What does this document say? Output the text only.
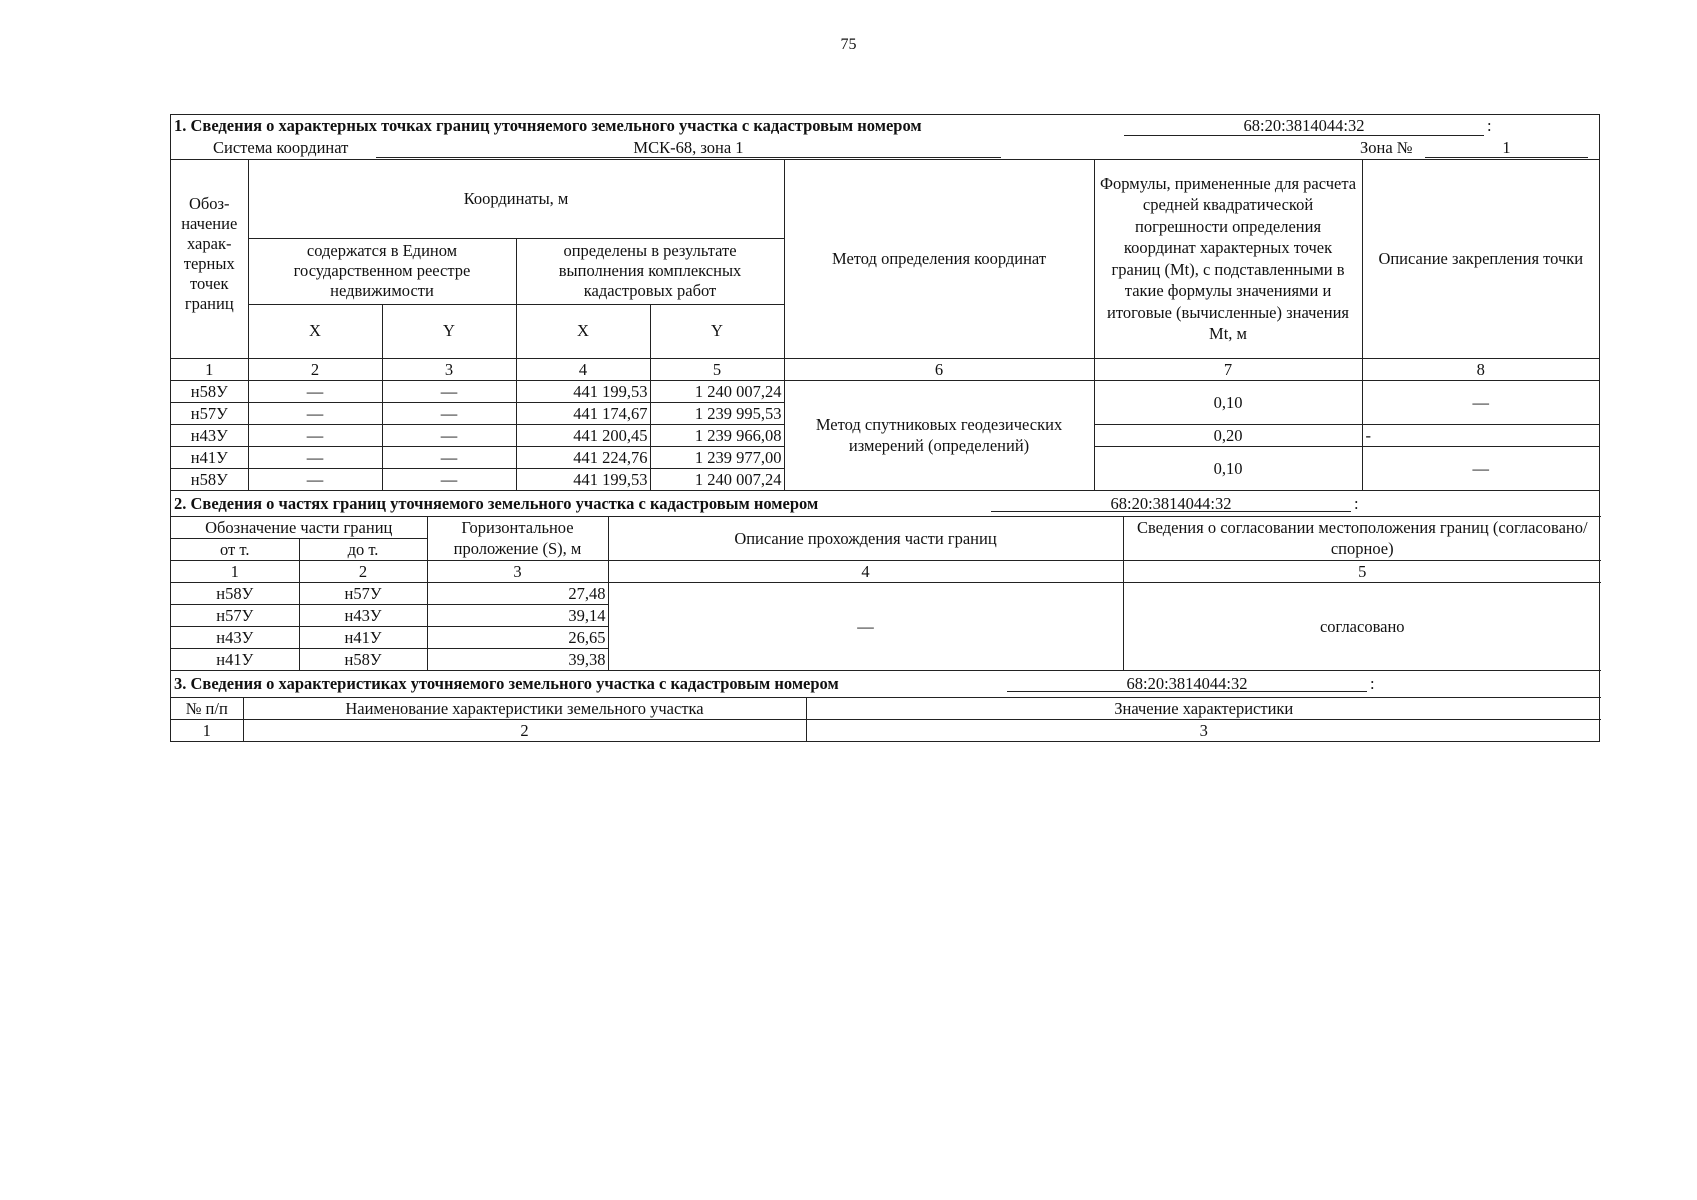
75
1. Сведения о характерных точках границ уточняемого земельного участка с кадастровым номером	68:20:3814044:32	:
Система координат	МСК-68, зона 1	Зона №	1
Обоз-начение харак-терных точек границ	Координаты, м				Метод определения координат	Формулы, примененные для расчета средней квадратической погрешности определения координат характерных точек границ (Mt), с подставленными в такие формулы значениями и итоговые (вычисленные) значения Mt, м	Описание закрепления точки
	содержатся в Едином государственном реестре недвижимости		определены в результате выполнения комплексных кадастровых работ				
	X	Y	X	Y			
1	2	3	4	5	6	7	8
н58У	—	—	441 199,53	1 240 007,24	Метод спутниковых геодезических измерений (определений)	0,10	—
н57У	—	—	441 174,67	1 239 995,53			
н43У	—	—	441 200,45	1 239 966,08		0,20	-
н41У	—	—	441 224,76	1 239 977,00		0,10	—
н58У	—	—	441 199,53	1 240 007,24			
2. Сведения о частях границ уточняемого земельного участка с кадастровым номером	68:20:3814044:32	:
Обозначение части границ		Горизонтальное проложение (S), м	Описание прохождения части границ	Сведения о согласовании местоположения границ (согласовано/спорное)
от т.	до т.			
1	2	3	4	5
н58У	н57У	27,48	—	согласовано
н57У	н43У	39,14		
н43У	н41У	26,65		
н41У	н58У	39,38		
3. Сведения о характеристиках уточняемого земельного участка с кадастровым номером	68:20:3814044:32	:
№ п/п	Наименование характеристики земельного участка	Значение характеристики
1	2	3
